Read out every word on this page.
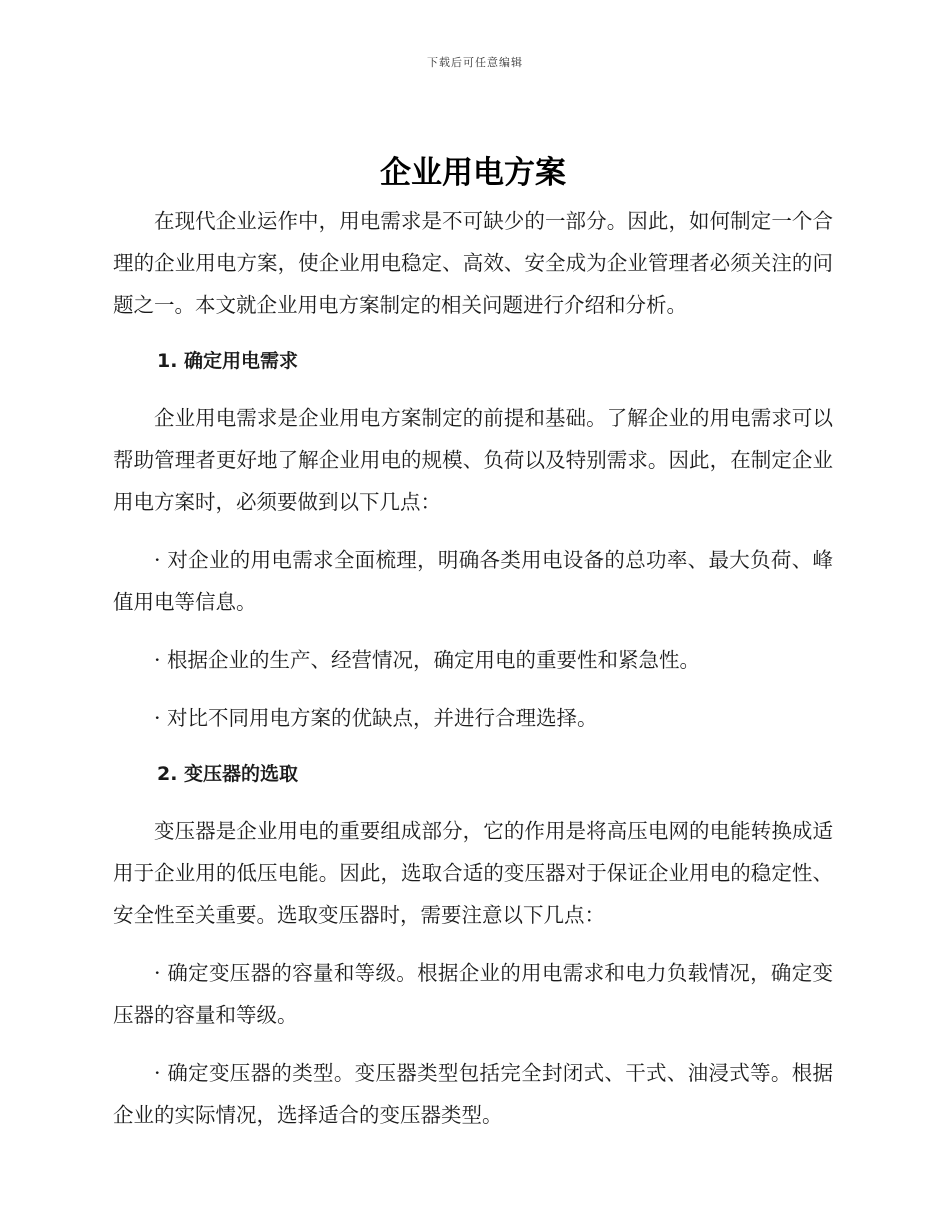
下载后可任意编辑
企业用电方案

在现代企业运作中，用电需求是不可缺少的一部分。因此，如何制定一个合理的企业用电方案，使企业用电稳定、高效、安全成为企业管理者必须关注的问题之一。本文就企业用电方案制定的相关问题进行介绍和分析。

1. 确定用电需求

企业用电需求是企业用电方案制定的前提和基础。了解企业的用电需求可以帮助管理者更好地了解企业用电的规模、负荷以及特别需求。因此，在制定企业用电方案时，必须要做到以下几点：

· 对企业的用电需求全面梳理，明确各类用电设备的总功率、最大负荷、峰值用电等信息。

· 根据企业的生产、经营情况，确定用电的重要性和紧急性。

· 对比不同用电方案的优缺点，并进行合理选择。

2. 变压器的选取

变压器是企业用电的重要组成部分，它的作用是将高压电网的电能转换成适用于企业用的低压电能。因此，选取合适的变压器对于保证企业用电的稳定性、安全性至关重要。选取变压器时，需要注意以下几点：

· 确定变压器的容量和等级。根据企业的用电需求和电力负载情况，确定变压器的容量和等级。

· 确定变压器的类型。变压器类型包括完全封闭式、干式、油浸式等。根据企业的实际情况，选择适合的变压器类型。
